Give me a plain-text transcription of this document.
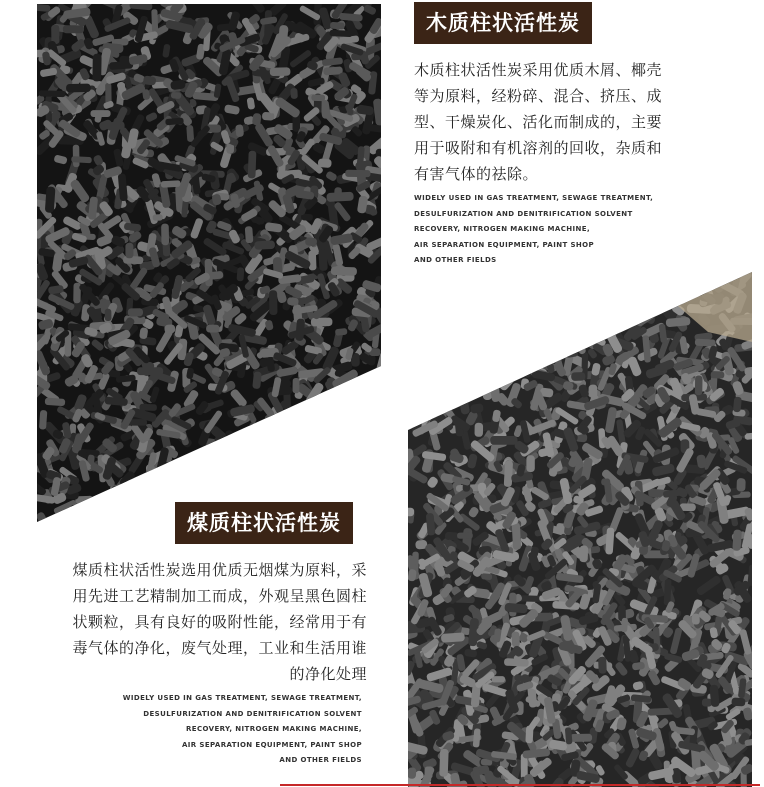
木质柱状活性炭
木质柱状活性炭采用优质木屑、椰壳
等为原料，经粉碎、混合、挤压、成
型、干燥炭化、活化而制成的，主要
用于吸附和有机溶剂的回收，杂质和
有害气体的祛除。
WIDELY USED IN GAS TREATMENT, SEWAGE TREATMENT,
DESULFURIZATION AND DENITRIFICATION SOLVENT
RECOVERY, NITROGEN MAKING MACHINE,
AIR SEPARATION EQUIPMENT, PAINT SHOP
AND OTHER FIELDS
煤质柱状活性炭
煤质柱状活性炭选用优质无烟煤为原料，采
用先进工艺精制加工而成，外观呈黑色圆柱
状颗粒，具有良好的吸附性能，经常用于有
毒气体的净化，废气处理，工业和生活用谁
的净化处理
WIDELY USED IN GAS TREATMENT, SEWAGE TREATMENT,
DESULFURIZATION AND DENITRIFICATION SOLVENT
RECOVERY, NITROGEN MAKING MACHINE,
AIR SEPARATION EQUIPMENT, PAINT SHOP
AND OTHER FIELDS
